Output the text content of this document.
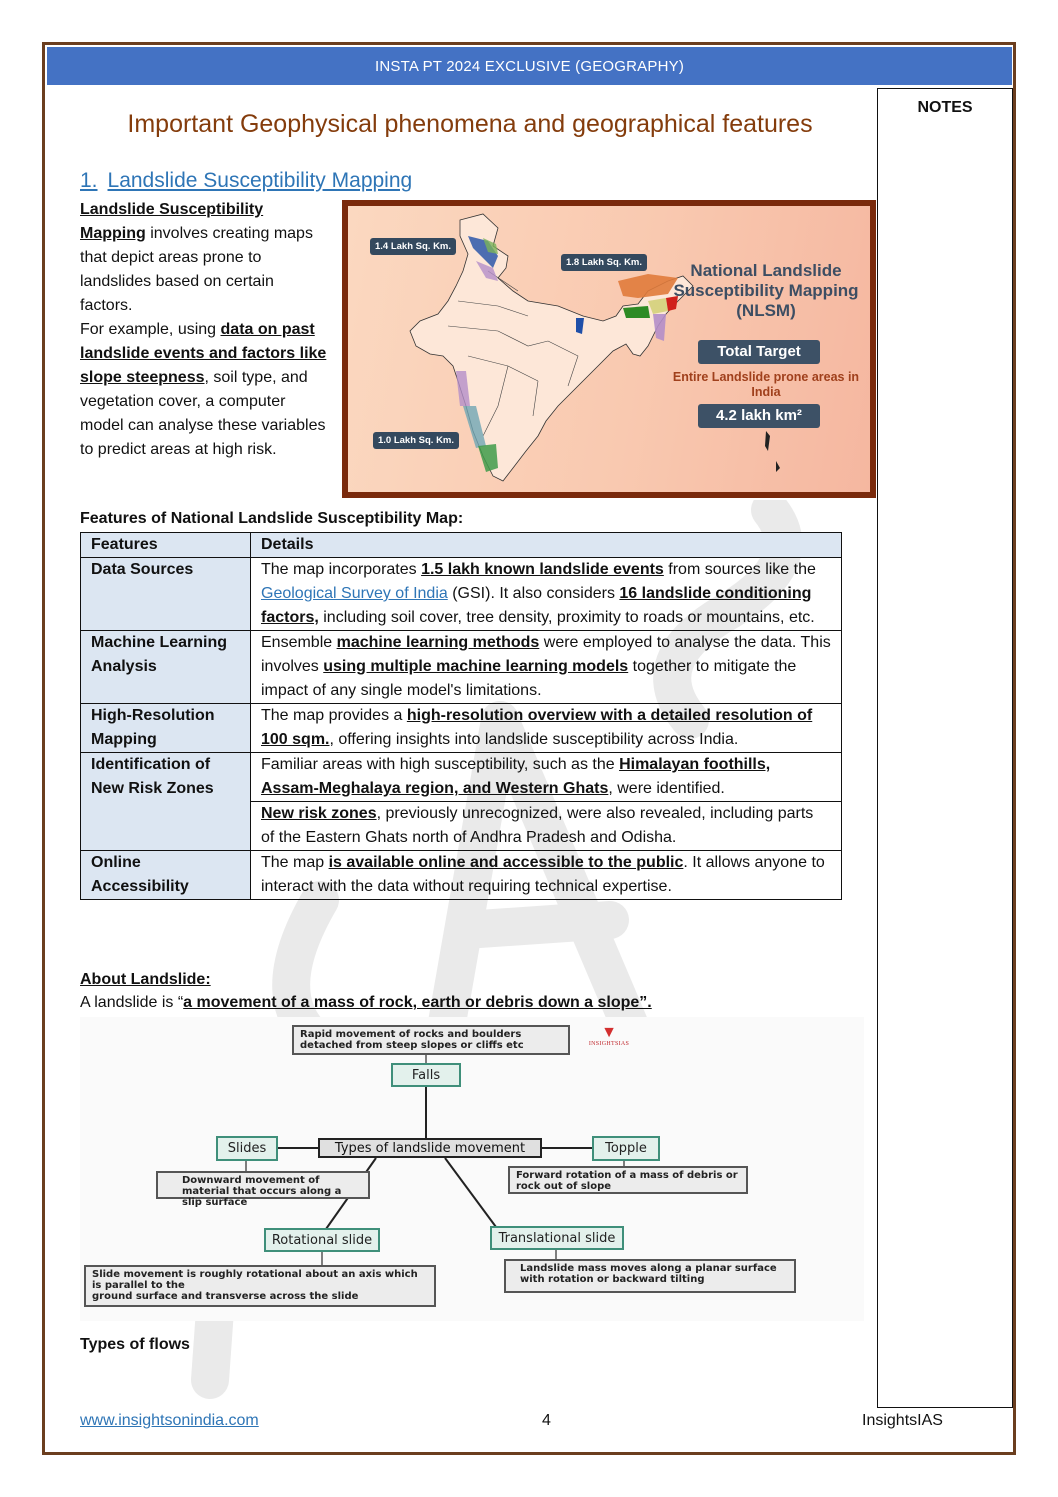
INSTA PT 2024 EXCLUSIVE (GEOGRAPHY)
NOTES
Important Geophysical phenomena and geographical features
1. Landslide Susceptibility Mapping
Landslide Susceptibility Mapping involves creating maps that depict areas prone to landslides based on certain factors.
For example, using data on past landslide events and factors like slope steepness, soil type, and vegetation cover, a computer model can analyse these variables to predict areas at high risk.
1.4 Lakh Sq. Km.
1.8 Lakh Sq. Km.
1.0 Lakh Sq. Km.
National Landslide Susceptibility Mapping (NLSM)
Total Target
Entire Landslide prone areas in India
4.2 lakh km²
Features of National Landslide Susceptibility Map:
Features	Details
Data Sources	The map incorporates 1.5 lakh known landslide events from sources like the Geological Survey of India (GSI). It also considers 16 landslide conditioning factors, including soil cover, tree density, proximity to roads or mountains, etc.
Machine Learning Analysis	Ensemble machine learning methods were employed to analyse the data. This involves using multiple machine learning models together to mitigate the impact of any single model's limitations.
High-Resolution Mapping	The map provides a high-resolution overview with a detailed resolution of 100 sqm., offering insights into landslide susceptibility across India.
Identification of New Risk Zones	Familiar areas with high susceptibility, such as the Himalayan foothills, Assam-Meghalaya region, and Western Ghats, were identified.
	New risk zones, previously unrecognized, were also revealed, including parts of the Eastern Ghats north of Andhra Pradesh and Odisha.
Online Accessibility	The map is available online and accessible to the public. It allows anyone to interact with the data without requiring technical expertise.
About Landslide:
A landslide is “a movement of a mass of rock, earth or debris down a slope”.
Rapid movement of rocks and boulders detached from steep slopes or cliffs etc
▼
INSIGHTSIAS
Falls
Types of landslide movement
Slides
Downward movement of material that occurs along a slip surface
Topple
Forward rotation of a mass of debris or rock out of slope
Rotational slide
Slide movement is roughly rotational about an axis which is parallel to the
ground surface and transverse across the slide
Translational slide
Landslide mass moves along a planar surface with rotation or backward tilting
Types of flows
www.insightsonindia.com	4	InsightsIAS
